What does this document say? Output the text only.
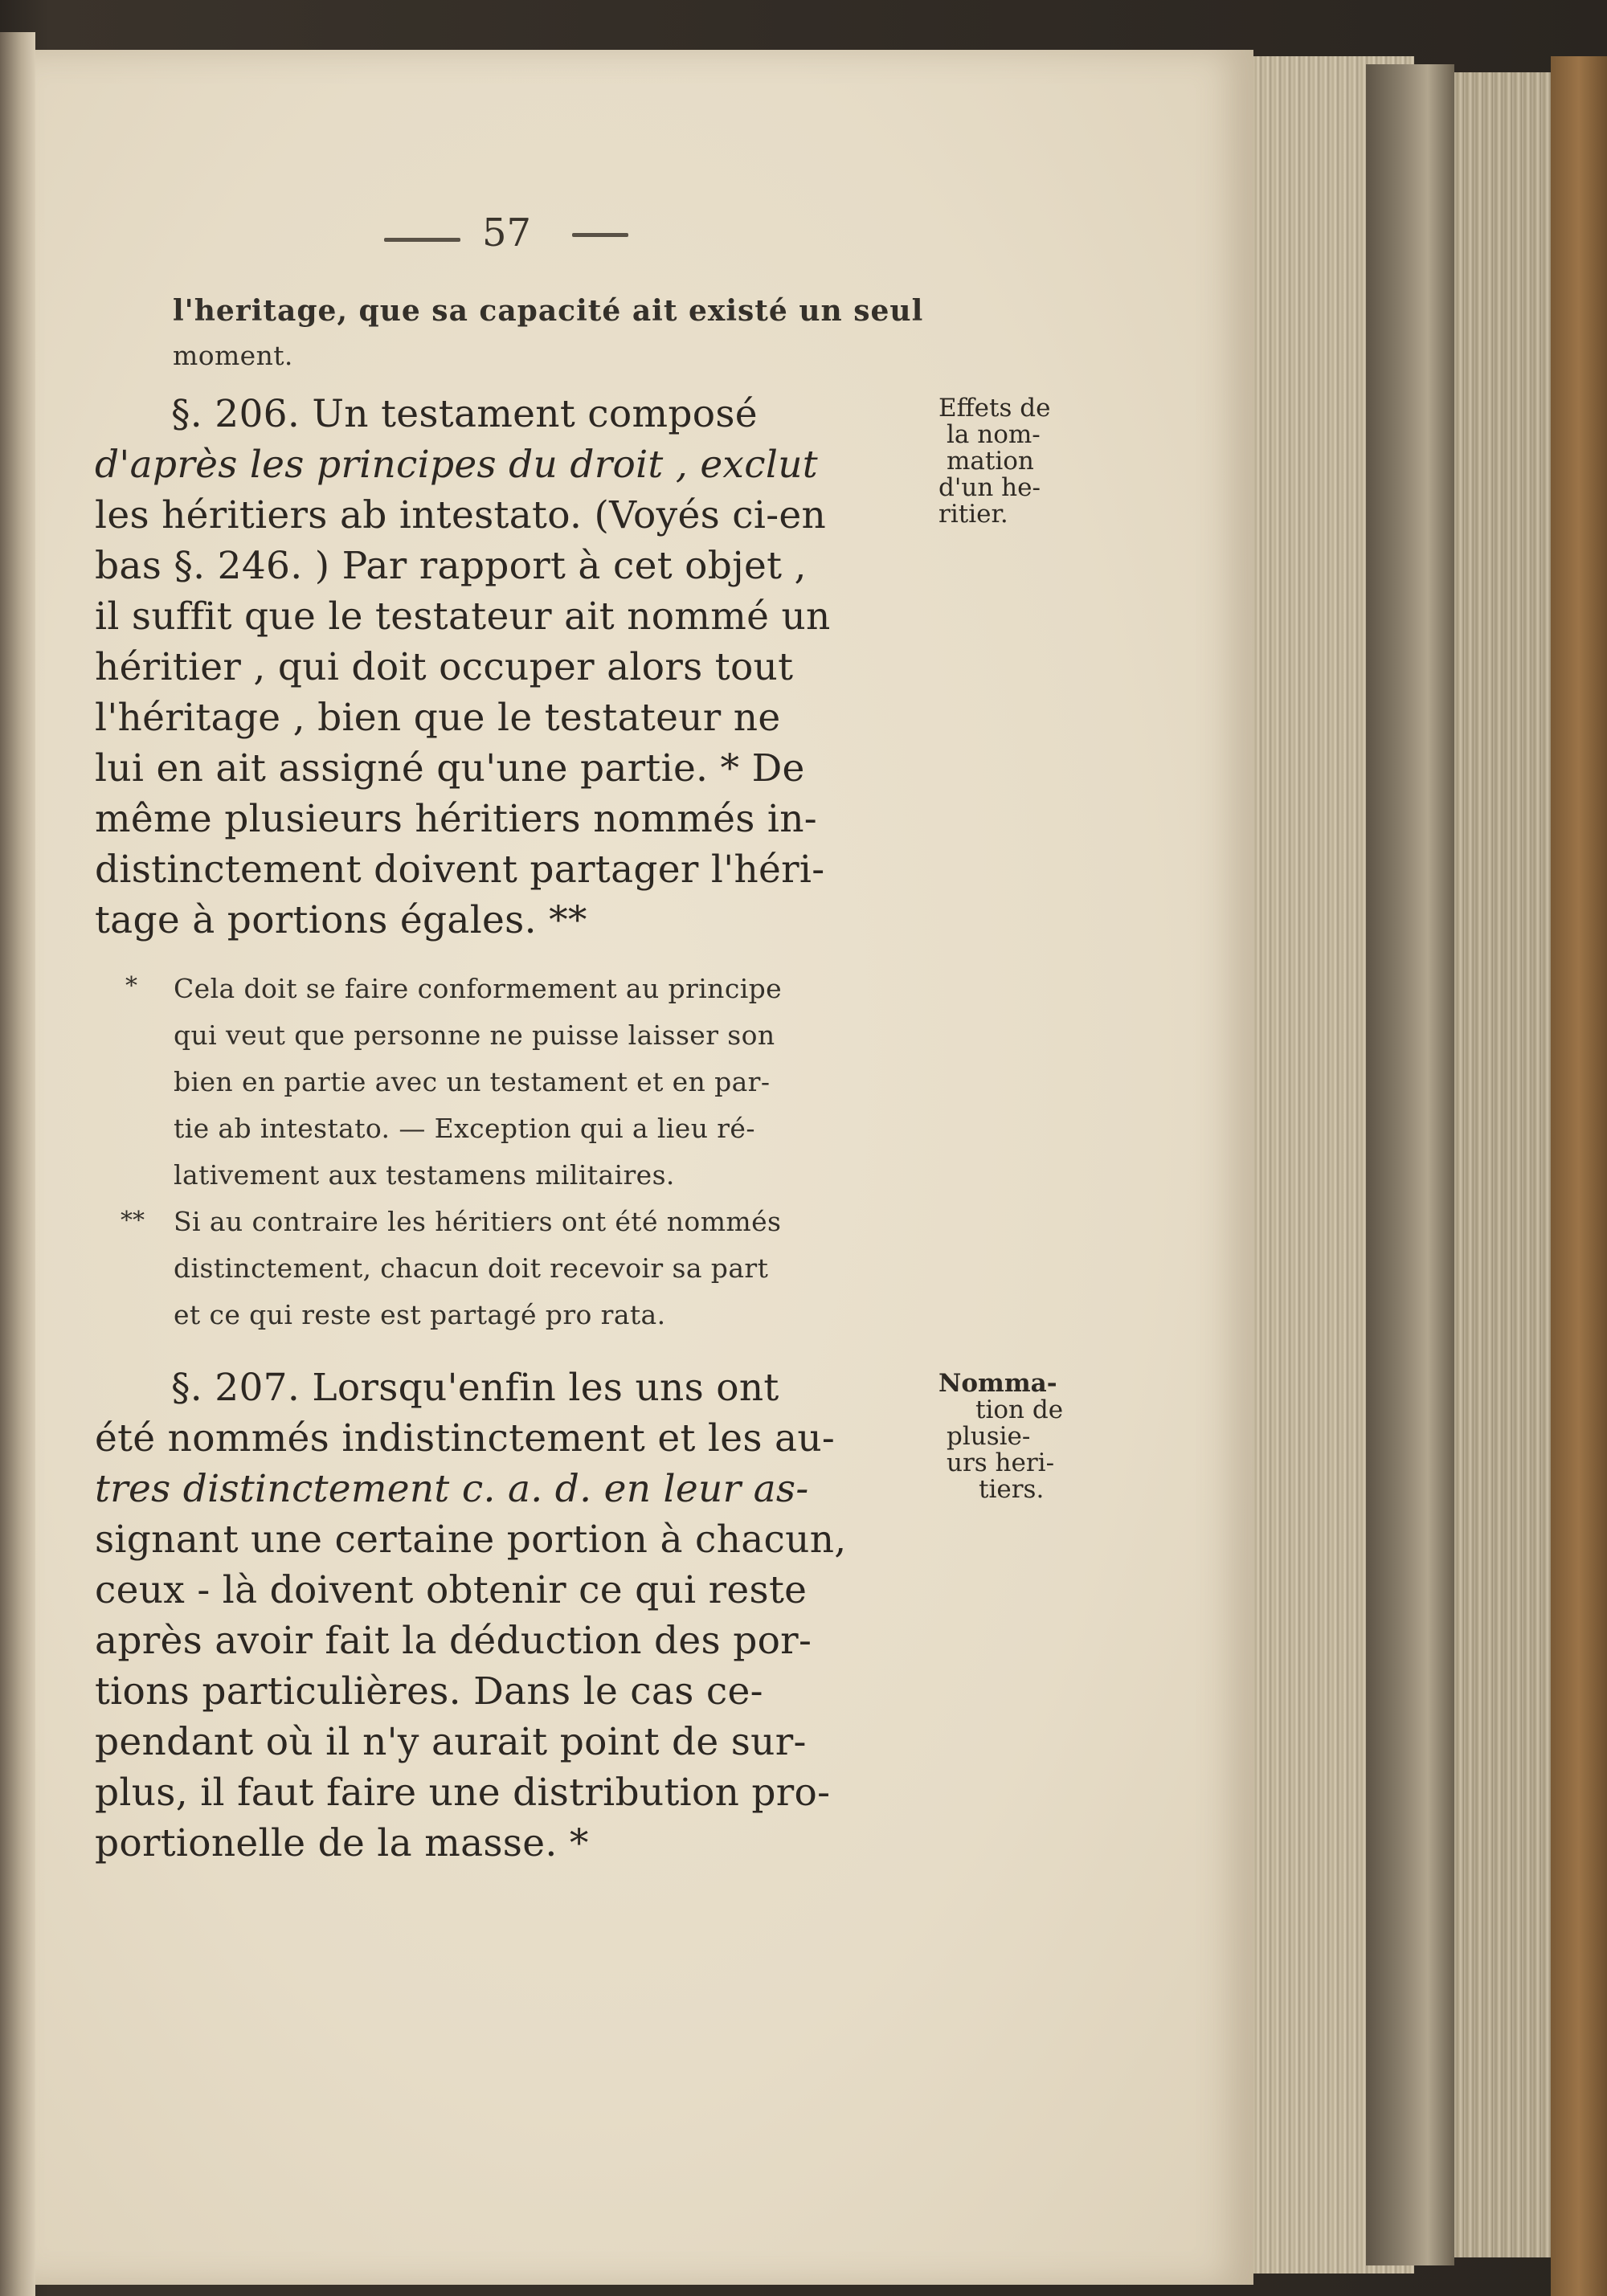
57
l'heritage, que sa capacité ait existé un seul
moment.
§. 206. Un testament composé
d'après les principes du droit , exclut
les héritiers ab intestato. (Voyés ci-en
bas §. 246. ) Par rapport à cet objet ,
il suffit que le testateur ait nommé un
héritier , qui doit occuper alors tout
l'héritage , bien que le testateur ne
lui en ait assigné qu'une partie. * De
même plusieurs héritiers nommés in-
distinctement doivent partager l'héri-
tage à portions égales. **
Effets de
la nom-
mation
d'un he-
ritier.
* Cela doit se faire conformement au principe
qui veut que personne ne puisse laisser son
bien en partie avec un testament et en par-
tie ab intestato. — Exception qui a lieu ré-
lativement aux testamens militaires.
** Si au contraire les héritiers ont été nommés
distinctement, chacun doit recevoir sa part
et ce qui reste est partagé pro rata.
§. 207. Lorsqu'enfin les uns ont
été nommés indistinctement et les au-
tres distinctement c. a. d. en leur as-
signant une certaine portion à chacun,
ceux - là doivent obtenir ce qui reste
après avoir fait la déduction des por-
tions particulières. Dans le cas ce-
pendant où il n'y aurait point de sur-
plus, il faut faire une distribution pro-
portionelle de la masse. *
Nomma-
tion de
plusie-
urs heri-
tiers.
